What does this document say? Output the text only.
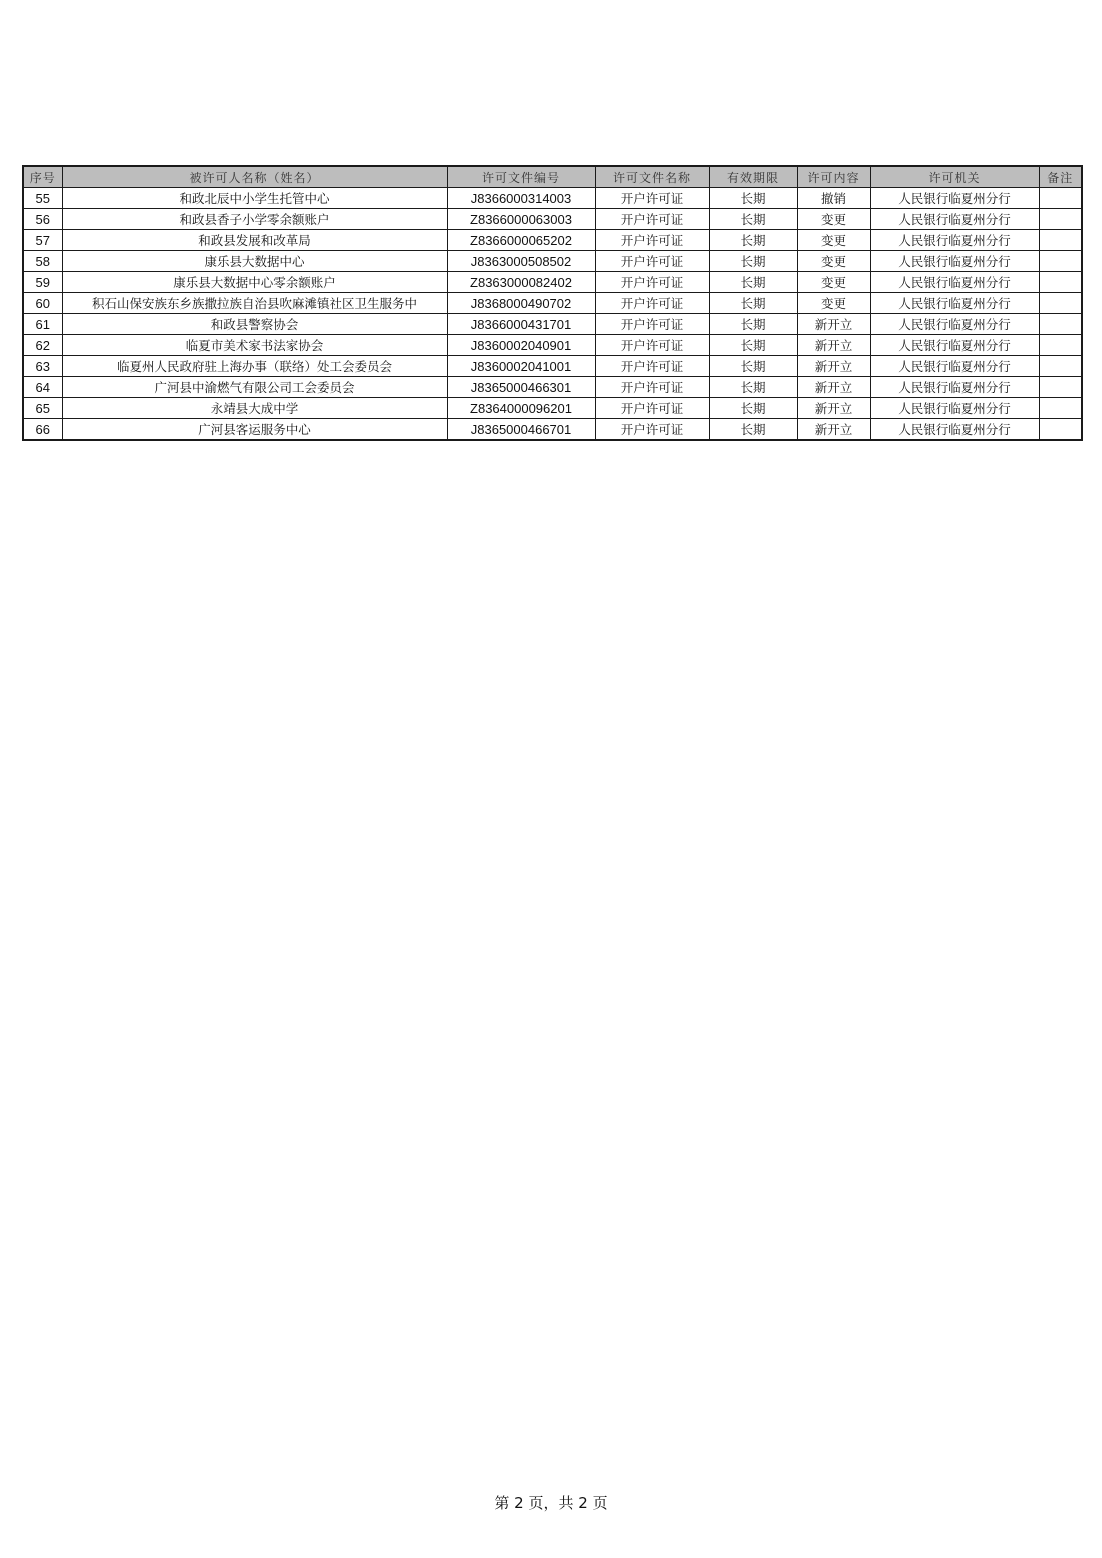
序号	被许可人名称（姓名）	许可文件编号	许可文件名称	有效期限	许可内容	许可机关	备注
55	和政北辰中小学生托管中心	J8366000314003	开户许可证	长期	撤销	人民银行临夏州分行	
56	和政县香子小学零余额账户	Z8366000063003	开户许可证	长期	变更	人民银行临夏州分行	
57	和政县发展和改革局	Z8366000065202	开户许可证	长期	变更	人民银行临夏州分行	
58	康乐县大数据中心	J8363000508502	开户许可证	长期	变更	人民银行临夏州分行	
59	康乐县大数据中心零余额账户	Z8363000082402	开户许可证	长期	变更	人民银行临夏州分行	
60	积石山保安族东乡族撒拉族自治县吹麻滩镇社区卫生服务中	J8368000490702	开户许可证	长期	变更	人民银行临夏州分行	
61	和政县警察协会	J8366000431701	开户许可证	长期	新开立	人民银行临夏州分行	
62	临夏市美术家书法家协会	J8360002040901	开户许可证	长期	新开立	人民银行临夏州分行	
63	临夏州人民政府驻上海办事（联络）处工会委员会	J8360002041001	开户许可证	长期	新开立	人民银行临夏州分行	
64	广河县中渝燃气有限公司工会委员会	J8365000466301	开户许可证	长期	新开立	人民银行临夏州分行	
65	永靖县大成中学	Z8364000096201	开户许可证	长期	新开立	人民银行临夏州分行	
66	广河县客运服务中心	J8365000466701	开户许可证	长期	新开立	人民银行临夏州分行	
第 2 页，共 2 页
